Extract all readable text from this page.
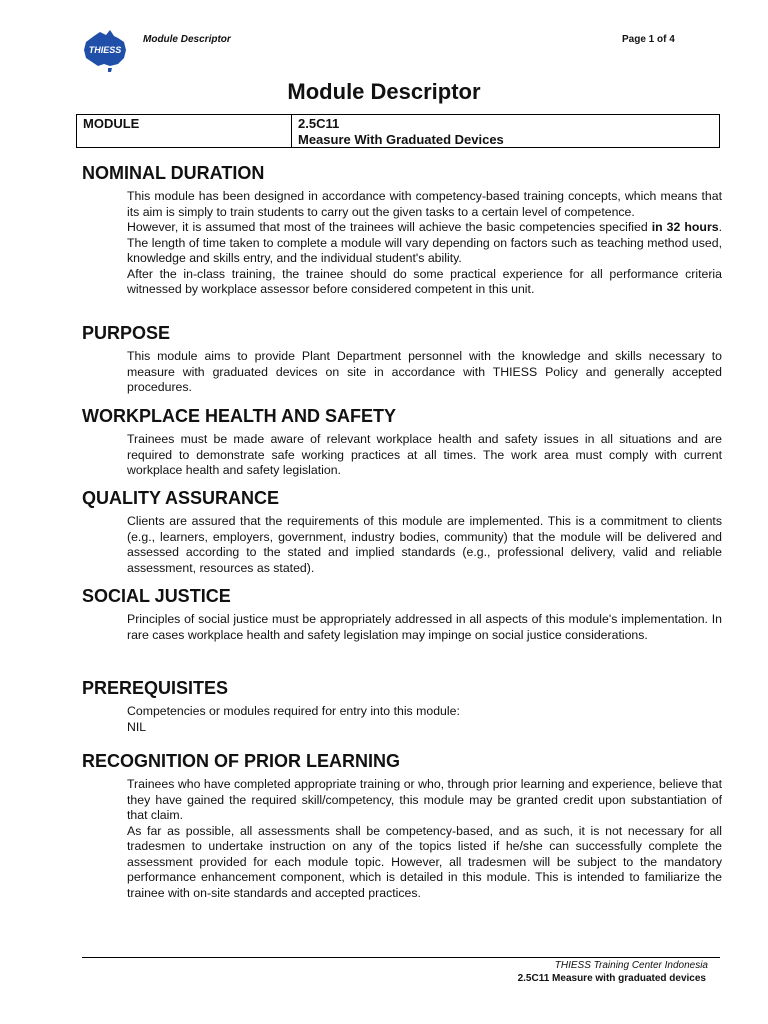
THIESS
Module Descriptor	Page 1 of 4
Module Descriptor
MODULE	2.5C11
Measure With Graduated Devices
NOMINAL DURATION

This module has been designed in accordance with competency-based training concepts, which means that its aim is simply to train students to carry out the given tasks to a certain level of competence.

However, it is assumed that most of the trainees will achieve the basic competencies specified in 32 hours. The length of time taken to complete a module will vary depending on factors such as teaching method used, knowledge and skills entry, and the individual student's ability.

After the in-class training, the trainee should do some practical experience for all performance criteria witnessed by workplace assessor before considered competent in this unit.

PURPOSE

This module aims to provide Plant Department personnel with the knowledge and skills necessary to measure with graduated devices on site in accordance with THIESS Policy and generally accepted procedures.

WORKPLACE HEALTH AND SAFETY

Trainees must be made aware of relevant workplace health and safety issues in all situations and are required to demonstrate safe working practices at all times. The work area must comply with current workplace health and safety legislation.

QUALITY ASSURANCE

Clients are assured that the requirements of this module are implemented. This is a commitment to clients (e.g., learners, employers, government, industry bodies, community) that the module will be delivered and assessed according to the stated and implied standards (e.g., professional delivery, valid and reliable assessment, resources as stated).

SOCIAL JUSTICE

Principles of social justice must be appropriately addressed in all aspects of this module's implementation. In rare cases workplace health and safety legislation may impinge on social justice considerations.

PREREQUISITES

Competencies or modules required for entry into this module:

NIL

RECOGNITION OF PRIOR LEARNING

Trainees who have completed appropriate training or who, through prior learning and experience, believe that they have gained the required skill/competency, this module may be granted credit upon substantiation of that claim.

As far as possible, all assessments shall be competency-based, and as such, it is not necessary for all tradesmen to undertake instruction on any of the topics listed if he/she can successfully complete the assessment provided for each module topic. However, all tradesmen will be subject to the mandatory performance enhancement component, which is detailed in this module. This is intended to familiarize the trainee with on-site standards and accepted practices.

THIESS Training Center Indonesia
2.5C11 Measure with graduated devices
